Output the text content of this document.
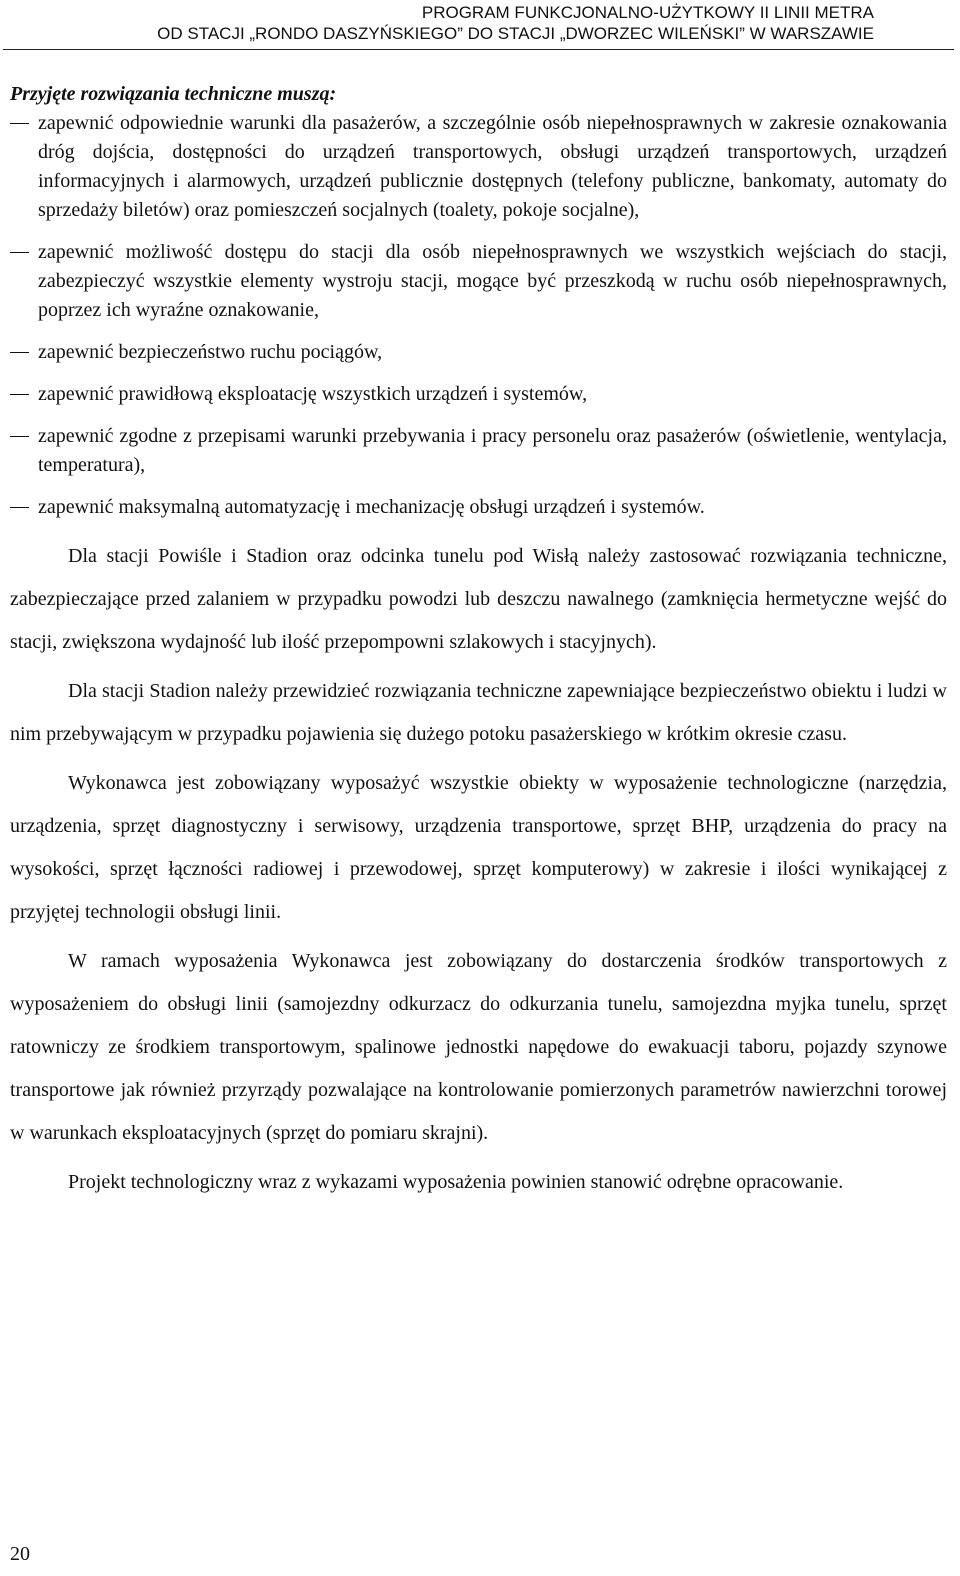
PROGRAM FUNKCJONALNO-UŻYTKOWY II LINII METRA
OD STACJI „RONDO DASZYŃSKIEGO” DO STACJI „DWORZEC WILEŃSKI” W WARSZAWIE
Przyjęte rozwiązania techniczne muszą:
zapewnić odpowiednie warunki dla pasażerów, a szczególnie osób niepełnosprawnych w zakresie oznakowania dróg dojścia, dostępności do urządzeń transportowych, obsługi urządzeń transportowych, urządzeń informacyjnych i alarmowych, urządzeń publicznie dostępnych (telefony publiczne, bankomaty, automaty do sprzedaży biletów) oraz pomieszczeń socjalnych (toalety, pokoje socjalne),
zapewnić możliwość dostępu do stacji dla osób niepełnosprawnych we wszystkich wejściach do stacji, zabezpieczyć wszystkie elementy wystroju stacji, mogące być przeszkodą w ruchu osób niepełnosprawnych, poprzez ich wyraźne oznakowanie,
zapewnić bezpieczeństwo ruchu pociągów,
zapewnić prawidłową eksploatację wszystkich urządzeń i systemów,
zapewnić zgodne z przepisami warunki przebywania i pracy personelu oraz pasażerów (oświetlenie, wentylacja, temperatura),
zapewnić maksymalną automatyzację i mechanizację obsługi urządzeń i systemów.

Dla stacji Powiśle i Stadion oraz odcinka tunelu pod Wisłą należy zastosować rozwiązania techniczne, zabezpieczające przed zalaniem w przypadku powodzi lub deszczu nawalnego (zamknięcia hermetyczne wejść do stacji, zwiększona wydajność lub ilość przepompowni szlakowych i stacyjnych).

Dla stacji Stadion należy przewidzieć rozwiązania techniczne zapewniające bezpieczeństwo obiektu i ludzi w nim przebywającym w przypadku pojawienia się dużego potoku pasażerskiego w krótkim okresie czasu.

Wykonawca jest zobowiązany wyposażyć wszystkie obiekty w wyposażenie technologiczne (narzędzia, urządzenia, sprzęt diagnostyczny i serwisowy, urządzenia transportowe, sprzęt BHP, urządzenia do pracy na wysokości, sprzęt łączności radiowej i przewodowej, sprzęt komputerowy) w zakresie i ilości wynikającej z przyjętej technologii obsługi linii.

W ramach wyposażenia Wykonawca jest zobowiązany do dostarczenia środków transportowych z wyposażeniem do obsługi linii (samojezdny odkurzacz do odkurzania tunelu, samojezdna myjka tunelu, sprzęt ratowniczy ze środkiem transportowym, spalinowe jednostki napędowe do ewakuacji taboru, pojazdy szynowe transportowe jak również przyrządy pozwalające na kontrolowanie pomierzonych parametrów nawierzchni torowej w warunkach eksploatacyjnych (sprzęt do pomiaru skrajni).

Projekt technologiczny wraz z wykazami wyposażenia powinien stanowić odrębne opracowanie.

20
